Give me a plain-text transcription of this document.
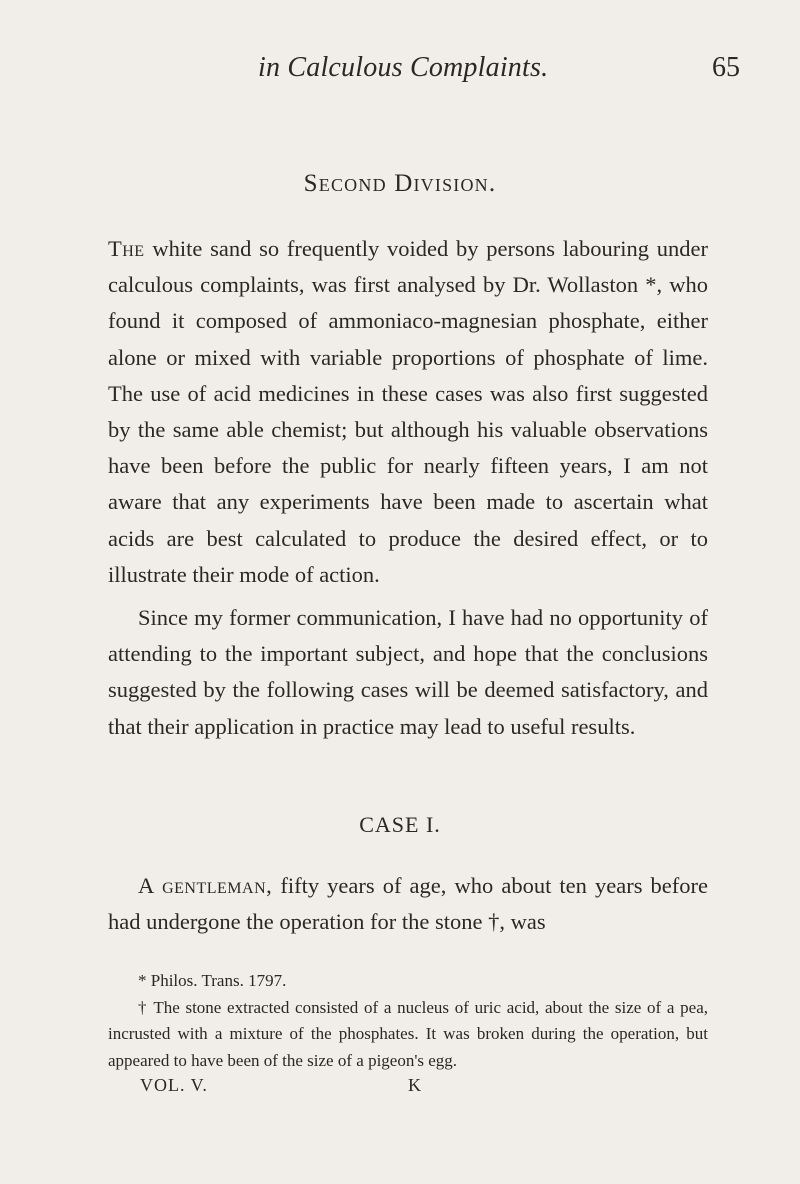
in Calculous Complaints.	65
Second Division.

The white sand so frequently voided by persons labouring under calculous complaints, was first analysed by Dr. Wollaston *, who found it composed of ammoniaco-magnesian phosphate, either alone or mixed with variable proportions of phosphate of lime. The use of acid medicines in these cases was also first suggested by the same able chemist; but although his valuable observations have been before the public for nearly fifteen years, I am not aware that any experiments have been made to ascertain what acids are best calculated to produce the desired effect, or to illustrate their mode of action.

Since my former communication, I have had no opportunity of attending to the important subject, and hope that the conclusions suggested by the following cases will be deemed satisfactory, and that their application in practice may lead to useful results.

CASE I.

A gentleman, fifty years of age, who about ten years before had undergone the operation for the stone †, was

* Philos. Trans. 1797.

† The stone extracted consisted of a nucleus of uric acid, about the size of a pea, incrusted with a mixture of the phosphates. It was broken during the operation, but appeared to have been of the size of a pigeon's egg.

VOL. V.	K
